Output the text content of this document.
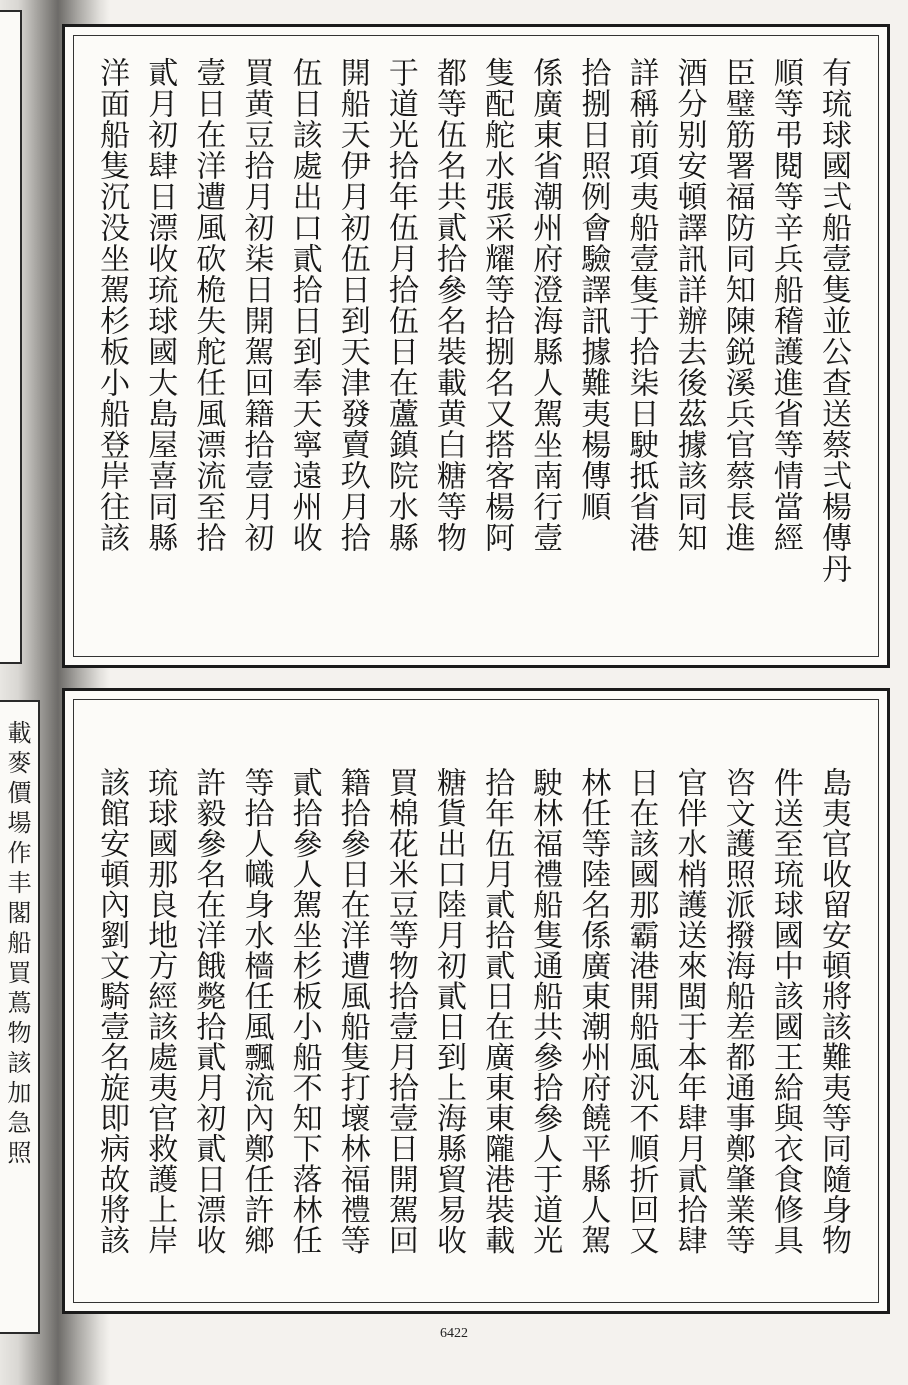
載麥價場作丰閣船買蔦物該加急照
有琉球國弍船壹隻並公查送蔡弍楊傳丹
順等弔閱等辛兵船稽護進省等情當經
臣璧筋署福防同知陳鋭溪兵官蔡長進
酒分别安頓譯訊詳辦去後茲據該同知
詳稱前項夷船壹隻于拾柒日駛抵省港
拾捌日照例會驗譯訊據難夷楊傳順
係廣東省潮州府澄海縣人駕坐南行壹
隻配舵水張采耀等拾捌名又搭客楊阿
都等伍名共貳拾參名裝載黄白糖等物
于道光拾年伍月拾伍日在蘆鎮院水縣
開船天伊月初伍日到天津發賣玖月拾
伍日該處出口貳拾日到奉天寧遠州收
買黄豆拾月初柒日開駕回籍拾壹月初
壹日在洋遭風砍桅失舵任風漂流至拾
貳月初肆日漂收琉球國大島屋喜同縣
洋面船隻沉没坐駕杉板小船登岸往該
島夷官收留安頓將該難夷等同隨身物
件送至琉球國中該國王給與衣食修具
咨文護照派撥海船差都通事鄭肇業等
官伴水梢護送來閩于本年肆月貳拾肆
日在該國那霸港開船風汎不順折回又
林任等陸名係廣東潮州府饒平縣人駕
駛林福禮船隻通船共參拾參人于道光
拾年伍月貳拾貳日在廣東東隴港裝載
糖貨出口陸月初貳日到上海縣貿易收
買棉花米豆等物拾壹月拾壹日開駕回
籍拾參日在洋遭風船隻打壞林福禮等
貳拾參人駕坐杉板小船不知下落林任
等拾人幟身水檣任風飄流內鄭任許鄉
許毅參名在洋餓斃拾貳月初貳日漂收
琉球國那良地方經該處夷官救護上岸
該館安頓內劉文騎壹名旋即病故將該
6422
